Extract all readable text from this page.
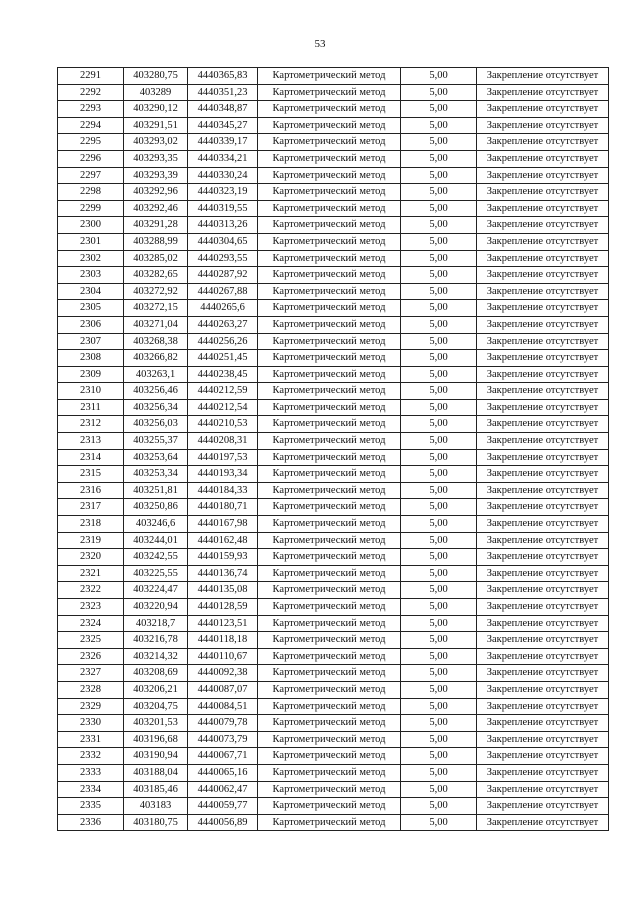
53
2291	403280,75	4440365,83	Картометрический метод	5,00	Закрепление отсутствует
2292	403289	4440351,23	Картометрический метод	5,00	Закрепление отсутствует
2293	403290,12	4440348,87	Картометрический метод	5,00	Закрепление отсутствует
2294	403291,51	4440345,27	Картометрический метод	5,00	Закрепление отсутствует
2295	403293,02	4440339,17	Картометрический метод	5,00	Закрепление отсутствует
2296	403293,35	4440334,21	Картометрический метод	5,00	Закрепление отсутствует
2297	403293,39	4440330,24	Картометрический метод	5,00	Закрепление отсутствует
2298	403292,96	4440323,19	Картометрический метод	5,00	Закрепление отсутствует
2299	403292,46	4440319,55	Картометрический метод	5,00	Закрепление отсутствует
2300	403291,28	4440313,26	Картометрический метод	5,00	Закрепление отсутствует
2301	403288,99	4440304,65	Картометрический метод	5,00	Закрепление отсутствует
2302	403285,02	4440293,55	Картометрический метод	5,00	Закрепление отсутствует
2303	403282,65	4440287,92	Картометрический метод	5,00	Закрепление отсутствует
2304	403272,92	4440267,88	Картометрический метод	5,00	Закрепление отсутствует
2305	403272,15	4440265,6	Картометрический метод	5,00	Закрепление отсутствует
2306	403271,04	4440263,27	Картометрический метод	5,00	Закрепление отсутствует
2307	403268,38	4440256,26	Картометрический метод	5,00	Закрепление отсутствует
2308	403266,82	4440251,45	Картометрический метод	5,00	Закрепление отсутствует
2309	403263,1	4440238,45	Картометрический метод	5,00	Закрепление отсутствует
2310	403256,46	4440212,59	Картометрический метод	5,00	Закрепление отсутствует
2311	403256,34	4440212,54	Картометрический метод	5,00	Закрепление отсутствует
2312	403256,03	4440210,53	Картометрический метод	5,00	Закрепление отсутствует
2313	403255,37	4440208,31	Картометрический метод	5,00	Закрепление отсутствует
2314	403253,64	4440197,53	Картометрический метод	5,00	Закрепление отсутствует
2315	403253,34	4440193,34	Картометрический метод	5,00	Закрепление отсутствует
2316	403251,81	4440184,33	Картометрический метод	5,00	Закрепление отсутствует
2317	403250,86	4440180,71	Картометрический метод	5,00	Закрепление отсутствует
2318	403246,6	4440167,98	Картометрический метод	5,00	Закрепление отсутствует
2319	403244,01	4440162,48	Картометрический метод	5,00	Закрепление отсутствует
2320	403242,55	4440159,93	Картометрический метод	5,00	Закрепление отсутствует
2321	403225,55	4440136,74	Картометрический метод	5,00	Закрепление отсутствует
2322	403224,47	4440135,08	Картометрический метод	5,00	Закрепление отсутствует
2323	403220,94	4440128,59	Картометрический метод	5,00	Закрепление отсутствует
2324	403218,7	4440123,51	Картометрический метод	5,00	Закрепление отсутствует
2325	403216,78	4440118,18	Картометрический метод	5,00	Закрепление отсутствует
2326	403214,32	4440110,67	Картометрический метод	5,00	Закрепление отсутствует
2327	403208,69	4440092,38	Картометрический метод	5,00	Закрепление отсутствует
2328	403206,21	4440087,07	Картометрический метод	5,00	Закрепление отсутствует
2329	403204,75	4440084,51	Картометрический метод	5,00	Закрепление отсутствует
2330	403201,53	4440079,78	Картометрический метод	5,00	Закрепление отсутствует
2331	403196,68	4440073,79	Картометрический метод	5,00	Закрепление отсутствует
2332	403190,94	4440067,71	Картометрический метод	5,00	Закрепление отсутствует
2333	403188,04	4440065,16	Картометрический метод	5,00	Закрепление отсутствует
2334	403185,46	4440062,47	Картометрический метод	5,00	Закрепление отсутствует
2335	403183	4440059,77	Картометрический метод	5,00	Закрепление отсутствует
2336	403180,75	4440056,89	Картометрический метод	5,00	Закрепление отсутствует
